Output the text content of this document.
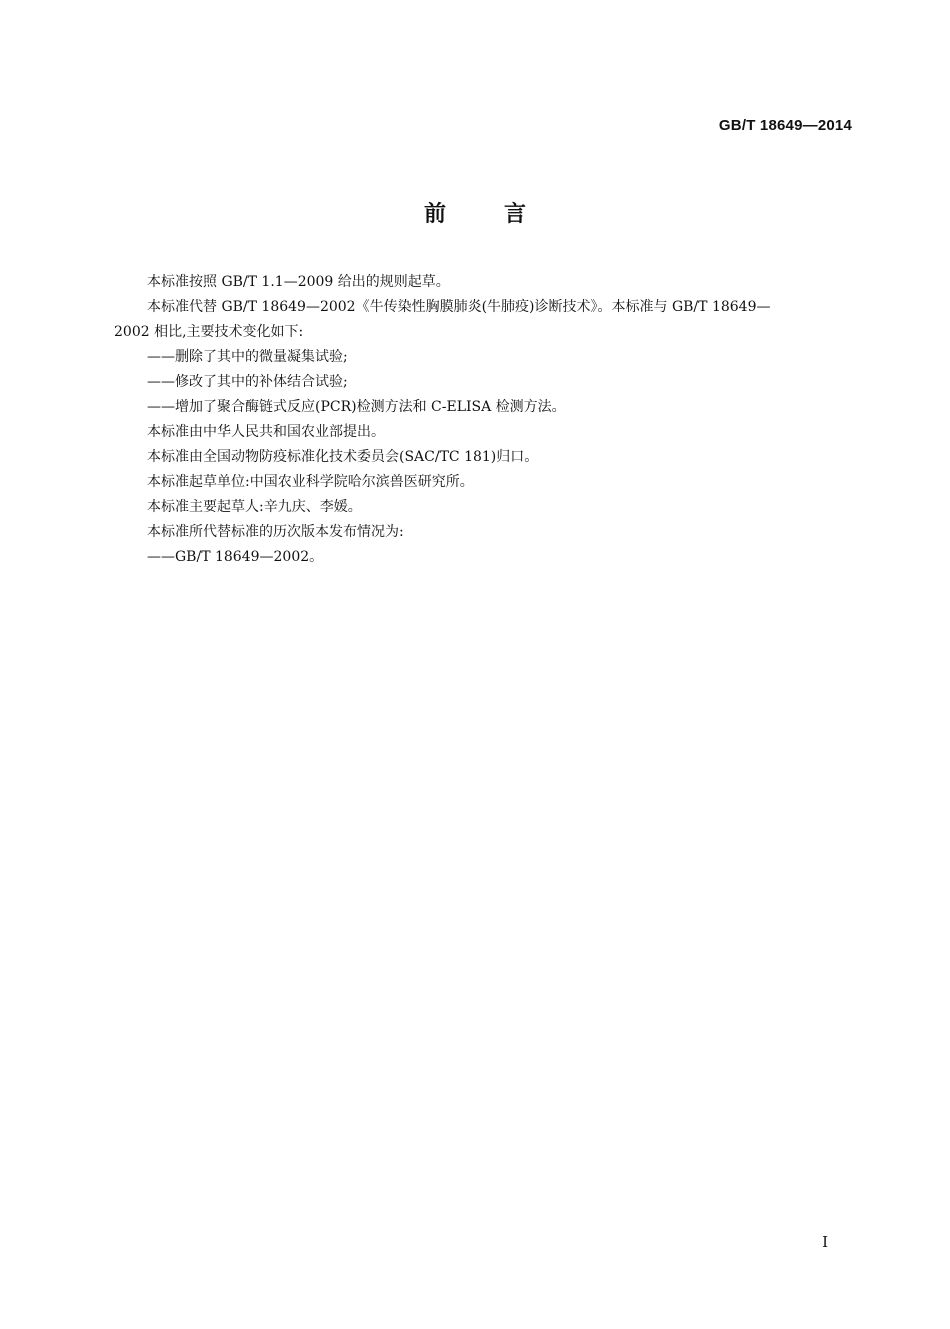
GB/T 18649—2014
前言

本标准按照 GB/T 1.1—2009 给出的规则起草。

本标准代替 GB/T 18649—2002《牛传染性胸膜肺炎(牛肺疫)诊断技术》。本标准与 GB/T 18649—

2002 相比,主要技术变化如下:

——删除了其中的微量凝集试验;

——修改了其中的补体结合试验;

——增加了聚合酶链式反应(PCR)检测方法和 C-ELISA 检测方法。

本标准由中华人民共和国农业部提出。

本标准由全国动物防疫标准化技术委员会(SAC/TC 181)归口。

本标准起草单位:中国农业科学院哈尔滨兽医研究所。

本标准主要起草人:辛九庆、李媛。

本标准所代替标准的历次版本发布情况为:

——GB/T 18649—2002。

I
